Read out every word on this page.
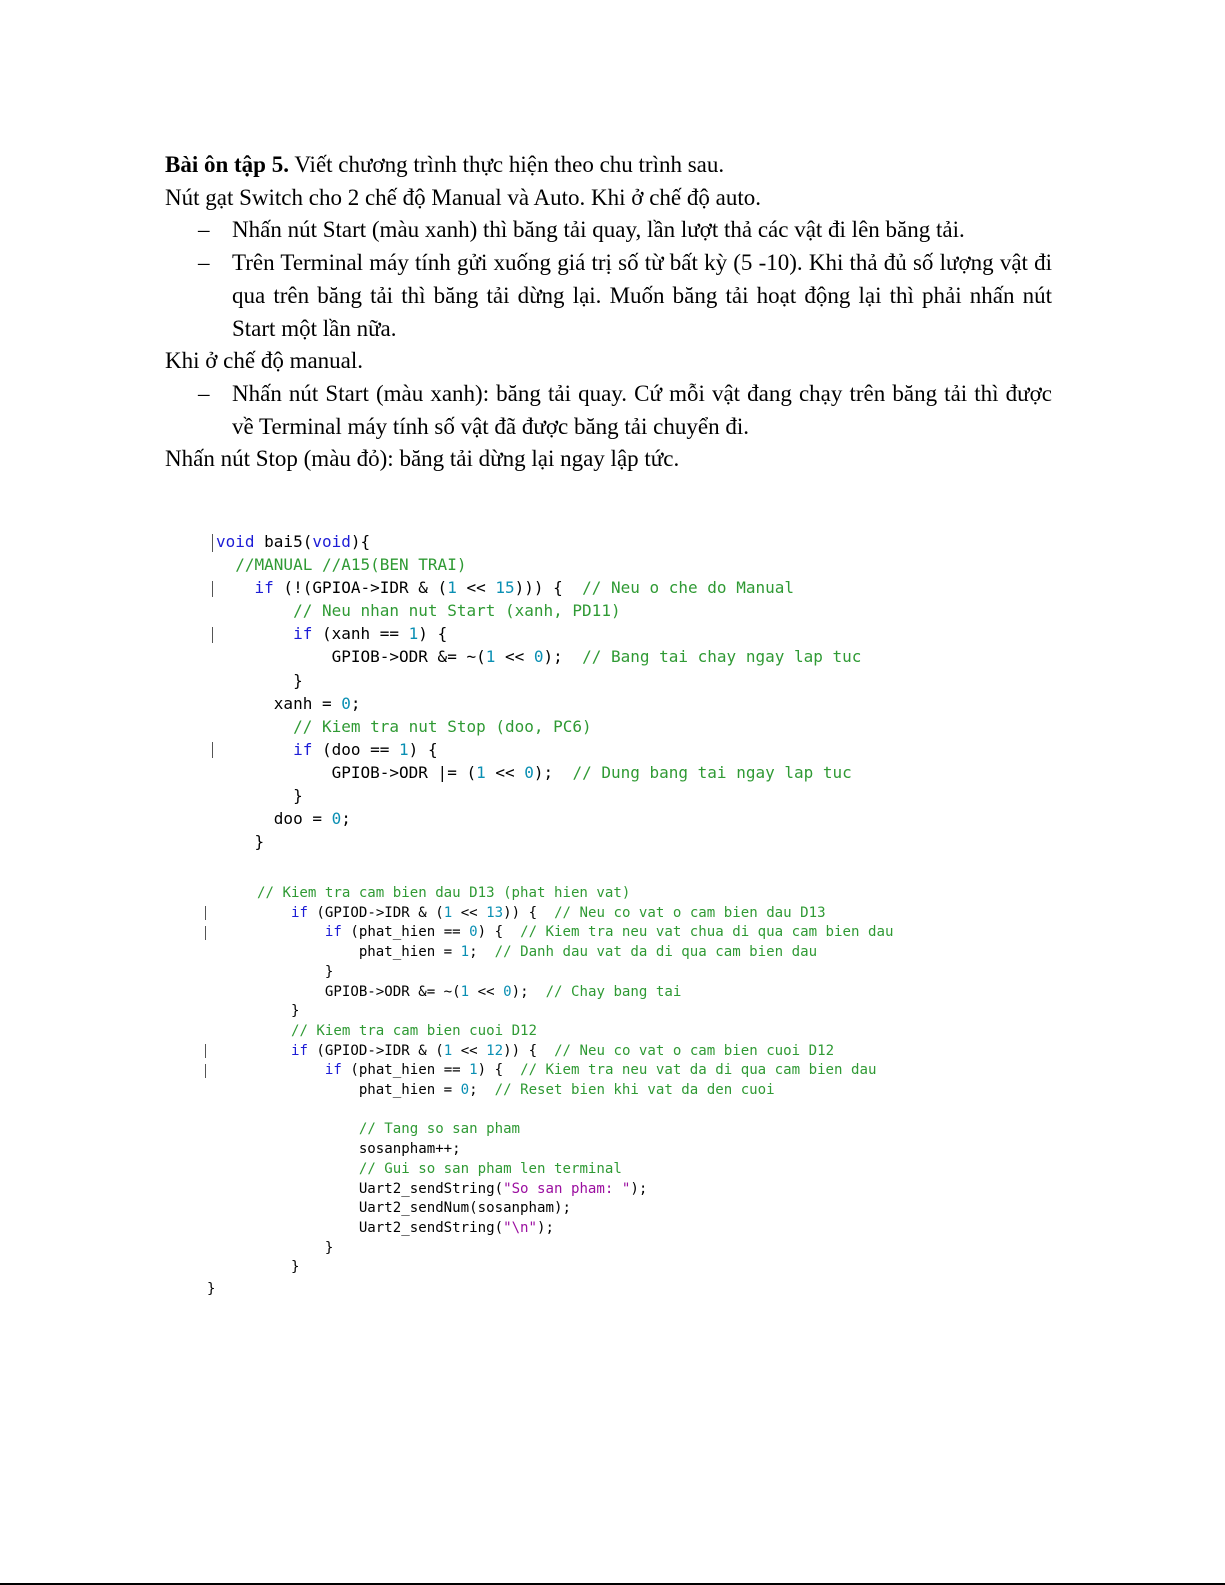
Bài ôn tập 5. Viết chương trình thực hiện theo chu trình sau.

Nút gạt Switch cho 2 chế độ Manual và Auto. Khi ở chế độ auto.

– Nhấn nút Start (màu xanh) thì băng tải quay, lần lượt thả các vật đi lên băng tải.
– Trên Terminal máy tính gửi xuống giá trị số từ bất kỳ (5 -10). Khi thả đủ số lượng vật đi qua trên băng tải thì băng tải dừng lại. Muốn băng tải hoạt động lại thì phải nhấn nút Start một lần nữa.

Khi ở chế độ manual.

– Nhấn nút Start (màu xanh): băng tải quay. Cứ mỗi vật đang chạy trên băng tải thì được về Terminal máy tính số vật đã được băng tải chuyển đi.

Nhấn nút Stop (màu đỏ): băng tải dừng lại ngay lập tức.

void bai5(void){
//MANUAL //A15(BEN TRAI)
if (!(GPIOA->IDR & (1 << 15))) {  // Neu o che do Manual
// Neu nhan nut Start (xanh, PD11)
if (xanh == 1) {
GPIOB->ODR &= ~(1 << 0);  // Bang tai chay ngay lap tuc
}
xanh = 0;
// Kiem tra nut Stop (doo, PC6)
if (doo == 1) {
GPIOB->ODR |= (1 << 0);  // Dung bang tai ngay lap tuc
}
doo = 0;
}
// Kiem tra cam bien dau D13 (phat hien vat)
if (GPIOD->IDR & (1 << 13)) {  // Neu co vat o cam bien dau D13
if (phat_hien == 0) {  // Kiem tra neu vat chua di qua cam bien dau
phat_hien = 1;  // Danh dau vat da di qua cam bien dau
}
GPIOB->ODR &= ~(1 << 0);  // Chay bang tai
}
// Kiem tra cam bien cuoi D12
if (GPIOD->IDR & (1 << 12)) {  // Neu co vat o cam bien cuoi D12
if (phat_hien == 1) {  // Kiem tra neu vat da di qua cam bien dau
phat_hien = 0;  // Reset bien khi vat da den cuoi
// Tang so san pham
sosanpham++;
// Gui so san pham len terminal
Uart2_sendString("So san pham: ");
Uart2_sendNum(sosanpham);
Uart2_sendString("\n");
}
}
}
